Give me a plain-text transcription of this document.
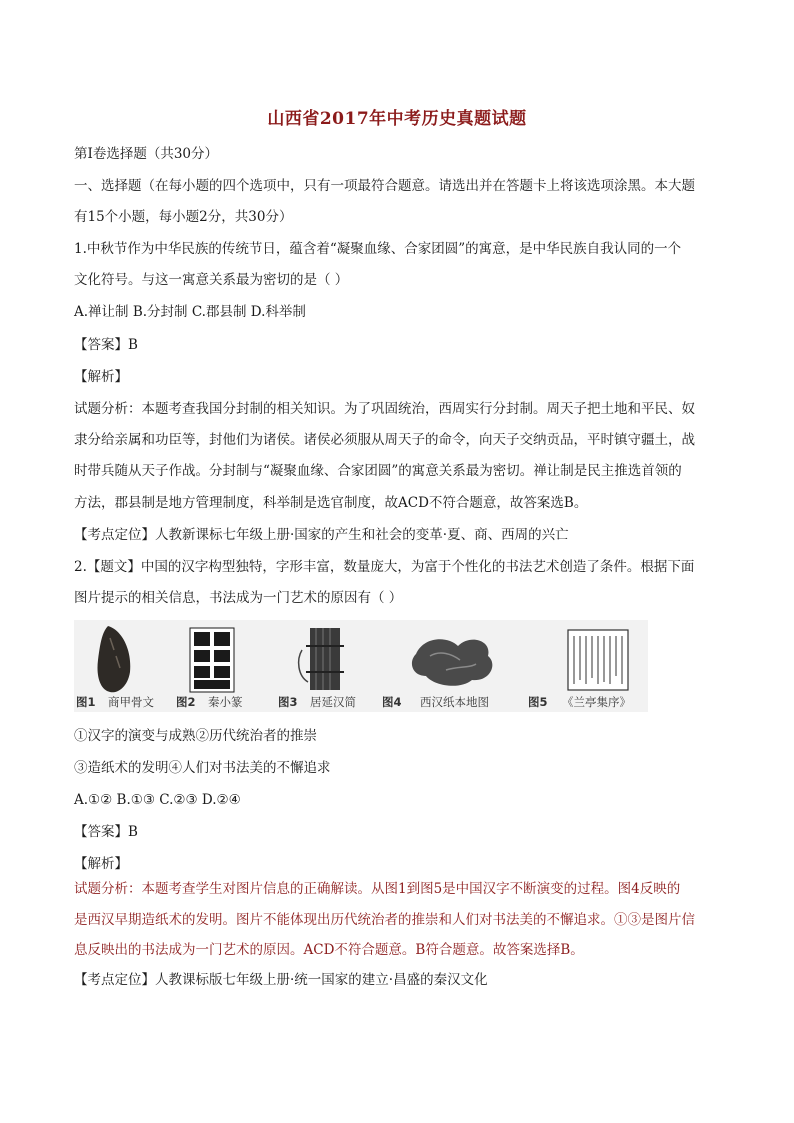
山西省2017年中考历史真题试题
第I卷选择题（共30分）
一、选择题（在每小题的四个选项中，只有一项最符合题意。请选出并在答题卡上将该选项涂黑。本大题
有15个小题，每小题2分，共30分）
1.中秋节作为中华民族的传统节日，蕴含着“凝聚血缘、合家团圆”的寓意，是中华民族自我认同的一个
文化符号。与这一寓意关系最为密切的是（ ）
A.禅让制 B.分封制 C.郡县制 D.科举制
【答案】B
【解析】
试题分析：本题考查我国分封制的相关知识。为了巩固统治，西周实行分封制。周天子把土地和平民、奴
隶分给亲属和功臣等，封他们为诸侯。诸侯必须服从周天子的命令，向天子交纳贡品，平时镇守疆土，战
时带兵随从天子作战。分封制与“凝聚血缘、合家团圆”的寓意关系最为密切。禅让制是民主推选首领的
方法，郡县制是地方管理制度，科举制是选官制度，故ACD不符合题意，故答案选B。
【考点定位】人教新课标七年级上册·国家的产生和社会的变革·夏、商、西周的兴亡
2.【题文】中国的汉字构型独特，字形丰富，数量庞大，为富于个性化的书法艺术创造了条件。根据下面
图片提示的相关信息，书法成为一门艺术的原因有（ ）
图1 商甲骨文 图2 秦小篆	图3 居延汉简 图4 西汉纸本地图	图5 《兰亭集序》
①汉字的演变与成熟②历代统治者的推崇
③造纸术的发明④人们对书法美的不懈追求
A.①② B.①③ C.②③ D.②④
【答案】B
【解析】
试题分析：本题考查学生对图片信息的正确解读。从图1到图5是中国汉字不断演变的过程。图4反映的
是西汉早期造纸术的发明。图片不能体现出历代统治者的推崇和人们对书法美的不懈追求。①③是图片信
息反映出的书法成为一门艺术的原因。ACD不符合题意。B符合题意。故答案选择B。
【考点定位】人教课标版七年级上册·统一国家的建立·昌盛的秦汉文化
